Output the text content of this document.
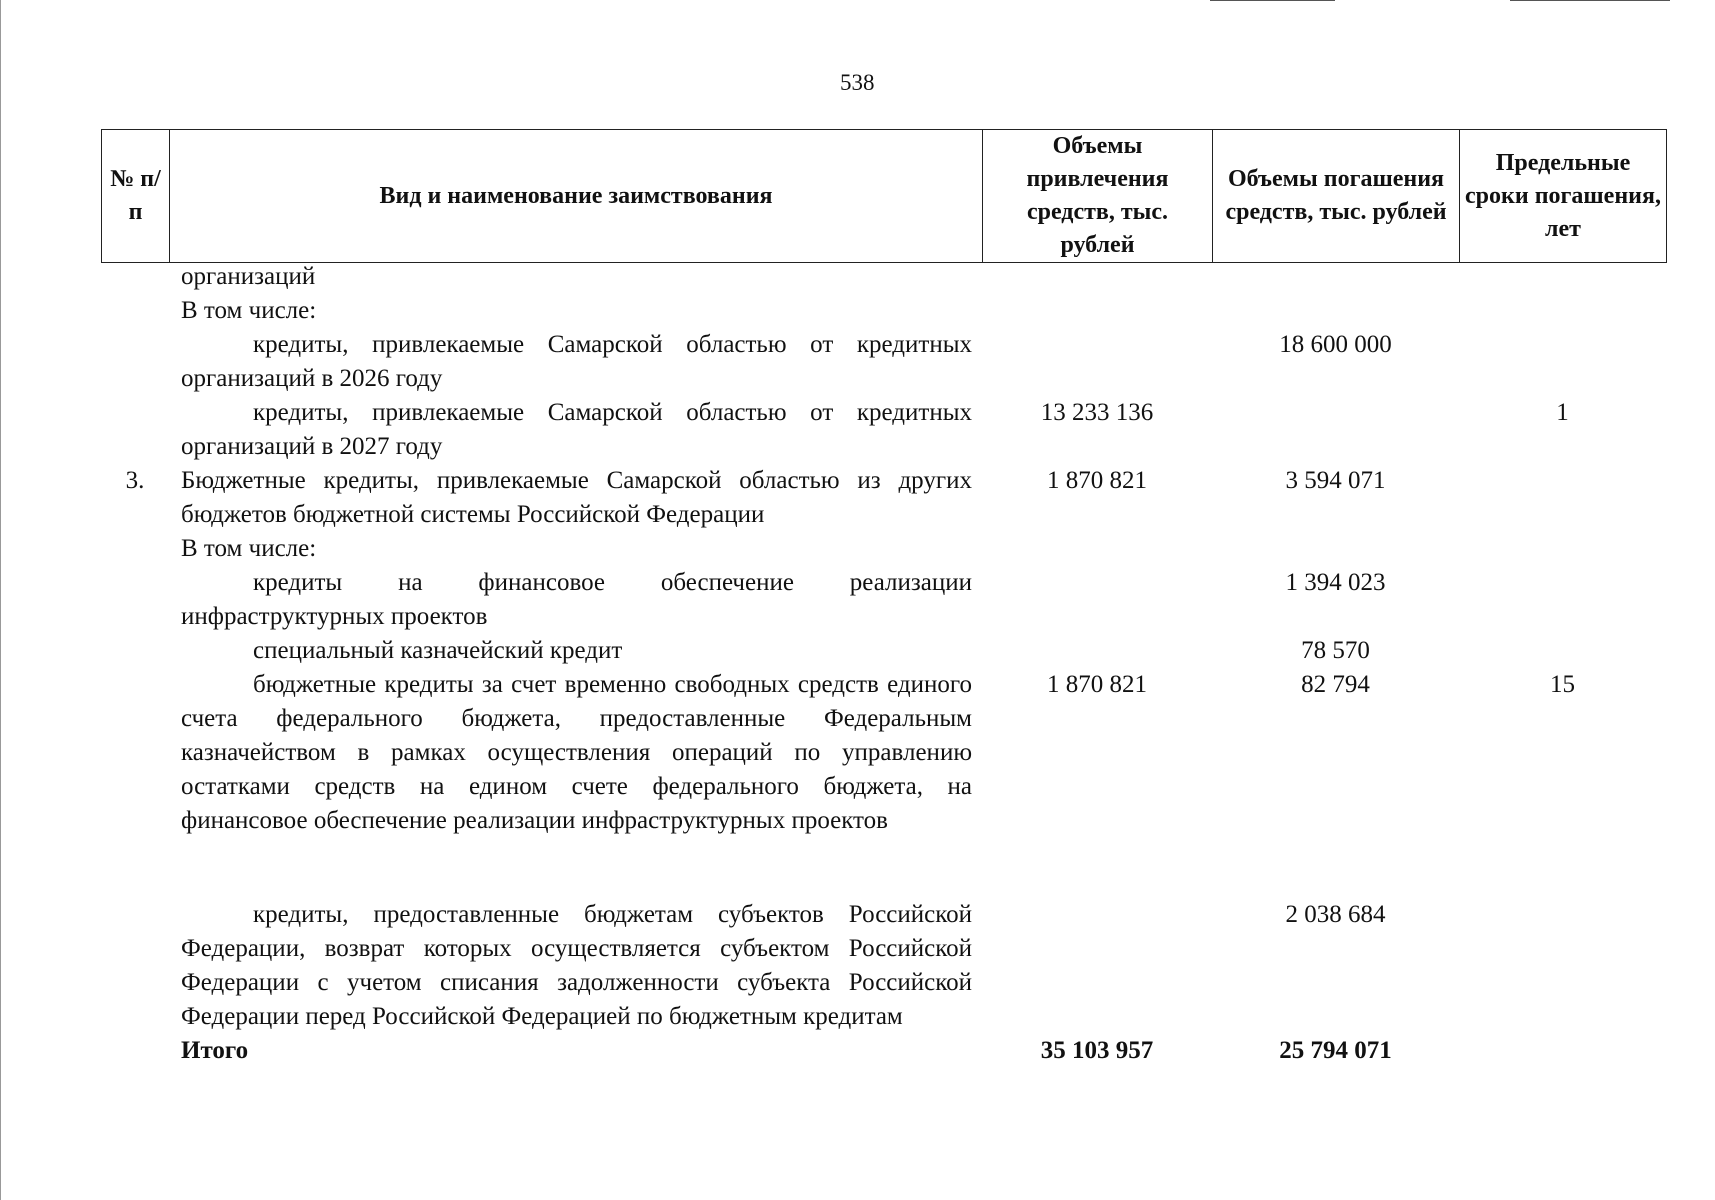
538
№ п/п	Вид и наименование заимствования	Объемы привлечения средств, тыс. рублей	Объемы погашения средств, тыс. рублей	Предельные сроки погашения, лет
	организаций			
	В том числе:			
	кредиты, привлекаемые Самарской областью от кредитных организаций в 2026 году		18 600 000	
	кредиты, привлекаемые Самарской областью от кредитных организаций в 2027 году	13 233 136		1
3.	Бюджетные кредиты, привлекаемые Самарской областью из других бюджетов бюджетной системы Российской Федерации	1 870 821	3 594 071	
	В том числе:			
	кредиты на финансовое обеспечение реализации инфраструктурных проектов		1 394 023	
	специальный казначейский кредит		78 570	
	бюджетные кредиты за счет временно свободных средств единого счета федерального бюджета, предоставленные Федеральным казначейством в рамках осуществления операций по управлению остатками средств на едином счете федерального бюджета, на финансовое обеспечение реализации инфраструктурных проектов	1 870 821	82 794	15

	кредиты, предоставленные бюджетам субъектов Российской Федерации, возврат которых осуществляется субъектом Российской Федерации с учетом списания задолженности субъекта Российской Федерации перед Российской Федерацией по бюджетным кредитам		2 038 684	
	Итого	35 103 957	25 794 071	
